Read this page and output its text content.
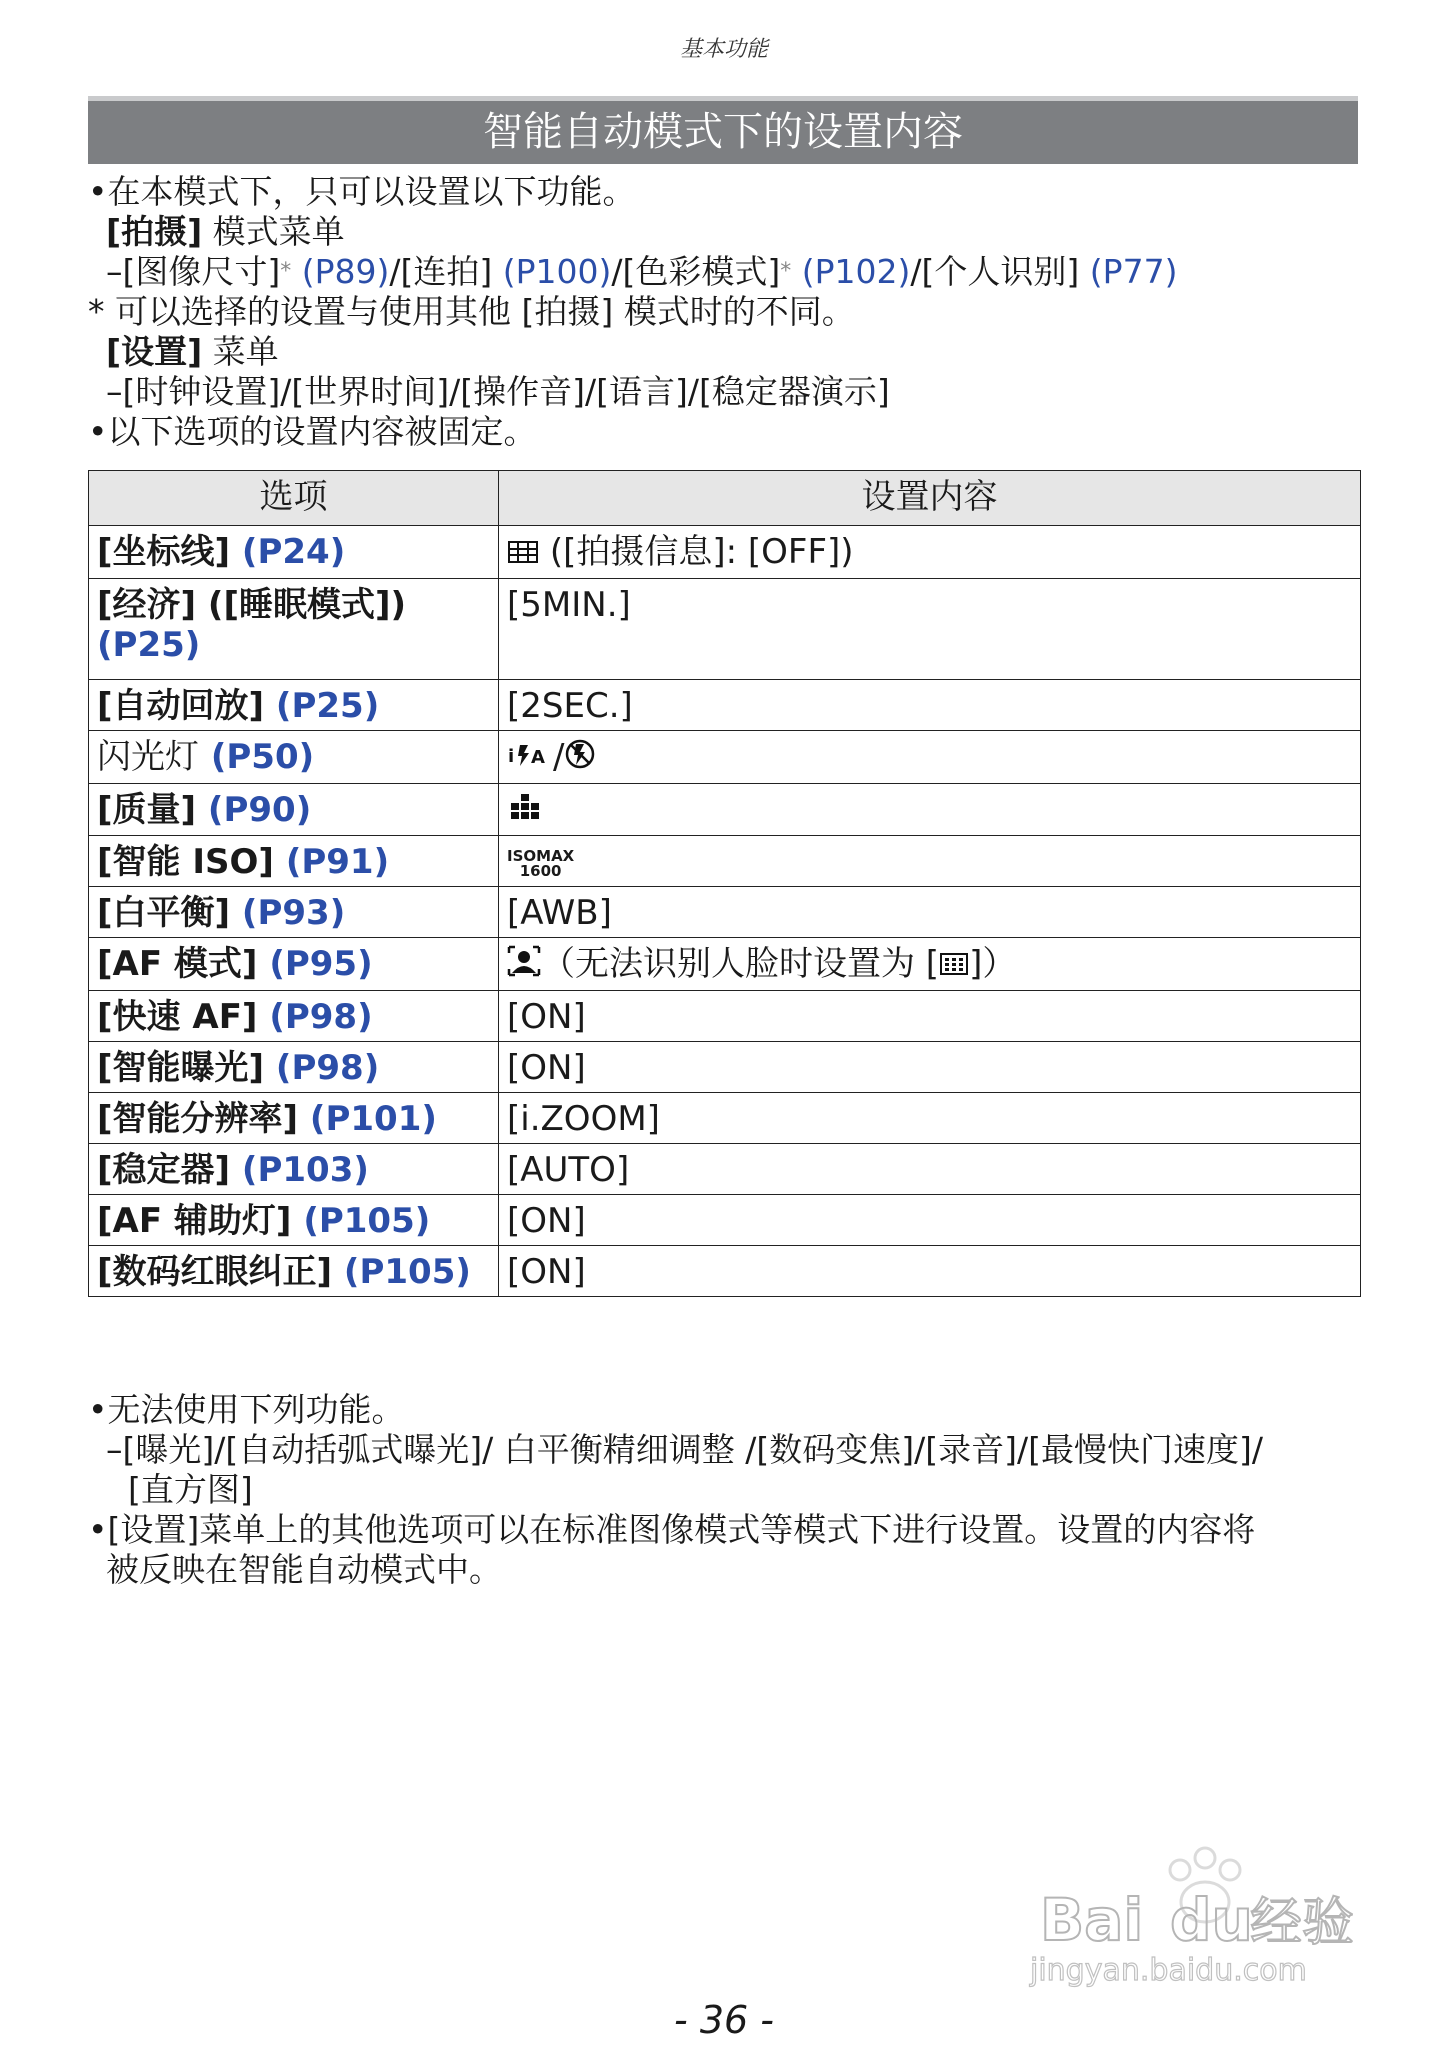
基本功能
智能自动模式下的设置内容
•在本模式下，只可以设置以下功能。
[拍摄] 模式菜单
–[图像尺寸]* (P89)/[连拍] (P100)/[色彩模式]* (P102)/[个人识别] (P77)
* 可以选择的设置与使用其他 [拍摄] 模式时的不同。
[设置] 菜单
–[时钟设置]/[世界时间]/[操作音]/[语言]/[稳定器演示]
•以下选项的设置内容被固定。
选项	设置内容
[坐标线] (P24)	([拍摄信息]: [OFF])
[经济] ([睡眠模式])
(P25)	[5MIN.]
[自动回放] (P25)	[2SEC.]
闪光灯 (P50)	i A /
[质量] (P90)	
[智能 ISO] (P91)	ISOMAX
1600
[白平衡] (P93)	[AWB]
[AF 模式] (P95)	（无法识别人脸时设置为 [ ]）
[快速 AF] (P98)	[ON]
[智能曝光] (P98)	[ON]
[智能分辨率] (P101)	[i.ZOOM]
[稳定器] (P103)	[AUTO]
[AF 辅助灯] (P105)	[ON]
[数码红眼纠正] (P105)	[ON]
•无法使用下列功能。
–[曝光]/[自动括弧式曝光]/ 白平衡精细调整 /[数码变焦]/[录音]/[最慢快门速度]/
[直方图]
•[设置]菜单上的其他选项可以在标准图像模式等模式下进行设置。设置的内容将
被反映在智能自动模式中。
Bai du
经验
jingyan.baidu.com
- 36 -
